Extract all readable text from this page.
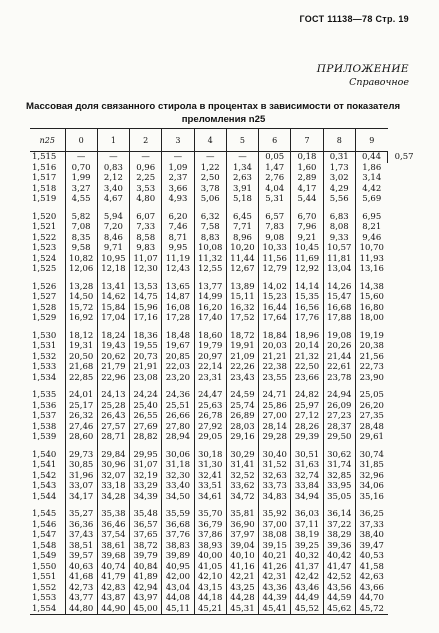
ГОСТ 11138—78 Стр. 19
ПРИЛОЖЕНИЕ
Справочное
Массовая доля связанного стирола в процентах в зависимости от показателя
преломления n25
n25	0	1	2	3	4	5	6	7	8	9	
1,515	—	—	—	—	—	—	0,05	0,18	0,31	0,44	0,57
1,516	0,70	0,83	0,96	1,09	1,22	1,34	1,47	1,60	1,73	1,86	
1,517	1,99	2,12	2,25	2,37	2,50	2,63	2,76	2,89	3,02	3,14	
1,518	3,27	3,40	3,53	3,66	3,78	3,91	4,04	4,17	4,29	4,42	
1,519	4,55	4,67	4,80	4,93	5,06	5,18	5,31	5,44	5,56	5,69	

1,520	5,82	5,94	6,07	6,20	6,32	6,45	6,57	6,70	6,83	6,95	
1,521	7,08	7,20	7,33	7,46	7,58	7,71	7,83	7,96	8,08	8,21	
1,522	8,35	8,46	8,58	8,71	8,83	8,96	9,08	9,21	9,33	9,46	
1,523	9,58	9,71	9,83	9,95	10,08	10,20	10,33	10,45	10,57	10,70	
1,524	10,82	10,95	11,07	11,19	11,32	11,44	11,56	11,69	11,81	11,93	
1,525	12,06	12,18	12,30	12,43	12,55	12,67	12,79	12,92	13,04	13,16	

1,526	13,28	13,41	13,53	13,65	13,77	13,89	14,02	14,14	14,26	14,38	
1,527	14,50	14,62	14,75	14,87	14,99	15,11	15,23	15,35	15,47	15,60	
1,528	15,72	15,84	15,96	16,08	16,20	16,32	16,44	16,56	16,68	16,80	
1,529	16,92	17,04	17,16	17,28	17,40	17,52	17,64	17,76	17,88	18,00	

1,530	18,12	18,24	18,36	18,48	18,60	18,72	18,84	18,96	19,08	19,19	
1,531	19,31	19,43	19,55	19,67	19,79	19,91	20,03	20,14	20,26	20,38	
1,532	20,50	20,62	20,73	20,85	20,97	21,09	21,21	21,32	21,44	21,56	
1,533	21,68	21,79	21,91	22,03	22,14	22,26	22,38	22,50	22,61	22,73	
1,534	22,85	22,96	23,08	23,20	23,31	23,43	23,55	23,66	23,78	23,90	

1,535	24,01	24,13	24,24	24,36	24,47	24,59	24,71	24,82	24,94	25,05	
1,536	25,17	25,28	25,40	25,51	25,63	25,74	25,86	25,97	26,09	26,20	
1,537	26,32	26,43	26,55	26,66	26,78	26,89	27,00	27,12	27,23	27,35	
1,538	27,46	27,57	27,69	27,80	27,92	28,03	28,14	28,26	28,37	28,48	
1,539	28,60	28,71	28,82	28,94	29,05	29,16	29,28	29,39	29,50	29,61	

1,540	29,73	29,84	29,95	30,06	30,18	30,29	30,40	30,51	30,62	30,74	
1,541	30,85	30,96	31,07	31,18	31,30	31,41	31,52	31,63	31,74	31,85	
1,542	31,96	32,07	32,19	32,30	32,41	32,52	32,63	32,74	32,85	32,96	
1,543	33,07	33,18	33,29	33,40	33,51	33,62	33,73	33,84	33,95	34,06	
1,544	34,17	34,28	34,39	34,50	34,61	34,72	34,83	34,94	35,05	35,16	

1,545	35,27	35,38	35,48	35,59	35,70	35,81	35,92	36,03	36,14	36,25	
1,546	36,36	36,46	36,57	36,68	36,79	36,90	37,00	37,11	37,22	37,33	
1,547	37,43	37,54	37,65	37,76	37,86	37,97	38,08	38,19	38,29	38,40	
1,548	38,51	38,61	38,72	38,83	38,93	39,04	39,15	39,25	39,36	39,47	
1,549	39,57	39,68	39,79	39,89	40,00	40,10	40,21	40,32	40,42	40,53	
1,550	40,63	40,74	40,84	40,95	41,05	41,16	41,26	41,37	41,47	41,58	
1,551	41,68	41,79	41,89	42,00	42,10	42,21	42,31	42,42	42,52	42,63	
1,552	42,73	42,83	42,94	43,04	43,15	43,25	43,36	43,46	43,56	43,66	
1,553	43,77	43,87	43,97	44,08	44,18	44,28	44,39	44,49	44,59	44,70	
1,554	44,80	44,90	45,00	45,11	45,21	45,31	45,41	45,52	45,62	45,72	
